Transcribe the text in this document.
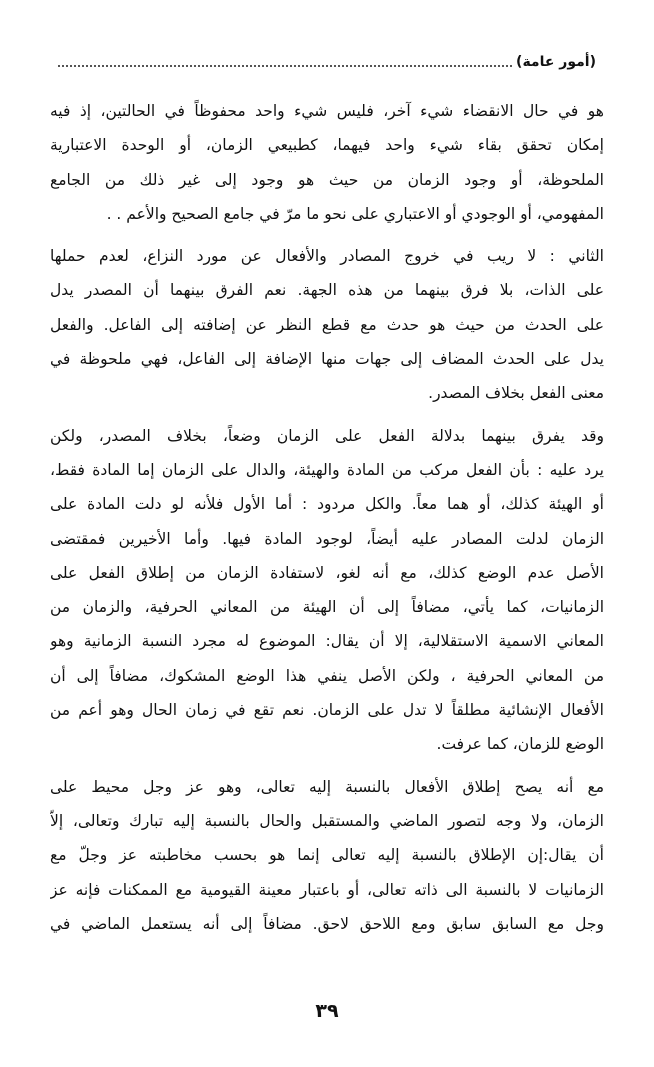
(أمور عامة)
هو في حال الانقضاء شيء آخر، فليس شيء واحد محفوظاً في الحالتين، إذ فيه
إمكان تحقق بقاء شيء واحد فيهما، كطبيعي الزمان، أو الوحدة الاعتبارية
الملحوظة، أو وجود الزمان من حيث هو وجود إلى غير ذلك من الجامع
المفهومي، أو الوجودي أو الاعتباري على نحو ما مرّ في جامع الصحيح والأعم . .
الثاني : لا ريب في خروج المصادر والأفعال عن مورد النزاع، لعدم حملها
على الذات، بلا فرق بينهما من هذه الجهة. نعم الفرق بينهما أن المصدر يدل
على الحدث من حيث هو حدث مع قطع النظر عن إضافته إلى الفاعل. والفعل
يدل على الحدث المضاف إلى جهات منها الإضافة إلى الفاعل، فهي ملحوظة في
معنى الفعل بخلاف المصدر.
وقد يفرق بينهما بدلالة الفعل على الزمان وضعاً، بخلاف المصدر، ولكن
يرد عليه : بأن الفعل مركب من المادة والهيئة، والدال على الزمان إما المادة فقط،
أو الهيئة كذلك، أو هما معاً. والكل مردود : أما الأول فلأنه لو دلت المادة على
الزمان لدلت المصادر عليه أيضاً، لوجود المادة فيها. وأما الأخيرين فمقتضى
الأصل عدم الوضع كذلك، مع أنه لغو، لاستفادة الزمان من إطلاق الفعل على
الزمانيات، كما يأتي، مضافاً إلى أن الهيئة من المعاني الحرفية، والزمان من
المعاني الاسمية الاستقلالية، إلا أن يقال: الموضوع له مجرد النسبة الزمانية وهو
من المعاني الحرفية ، ولكن الأصل ينفي هذا الوضع المشكوك، مضافاً إلى أن
الأفعال الإنشائية مطلقاً لا تدل على الزمان. نعم تقع في زمان الحال وهو أعم من
الوضع للزمان، كما عرفت.
مع أنه يصح إطلاق الأفعال بالنسبة إليه تعالى، وهو عز وجل محيط على
الزمان، ولا وجه لتصور الماضي والمستقبل والحال بالنسبة إليه تبارك وتعالى، إلاّ
أن يقال:إن الإطلاق بالنسبة إليه تعالى إنما هو بحسب مخاطبته عز وجلّ مع
الزمانيات لا بالنسبة الى ذاته تعالى، أو باعتبار معينة القيومية مع الممكنات فإنه عز
وجل مع السابق سابق ومع اللاحق لاحق. مضافاً إلى أنه يستعمل الماضي في
٣٩
